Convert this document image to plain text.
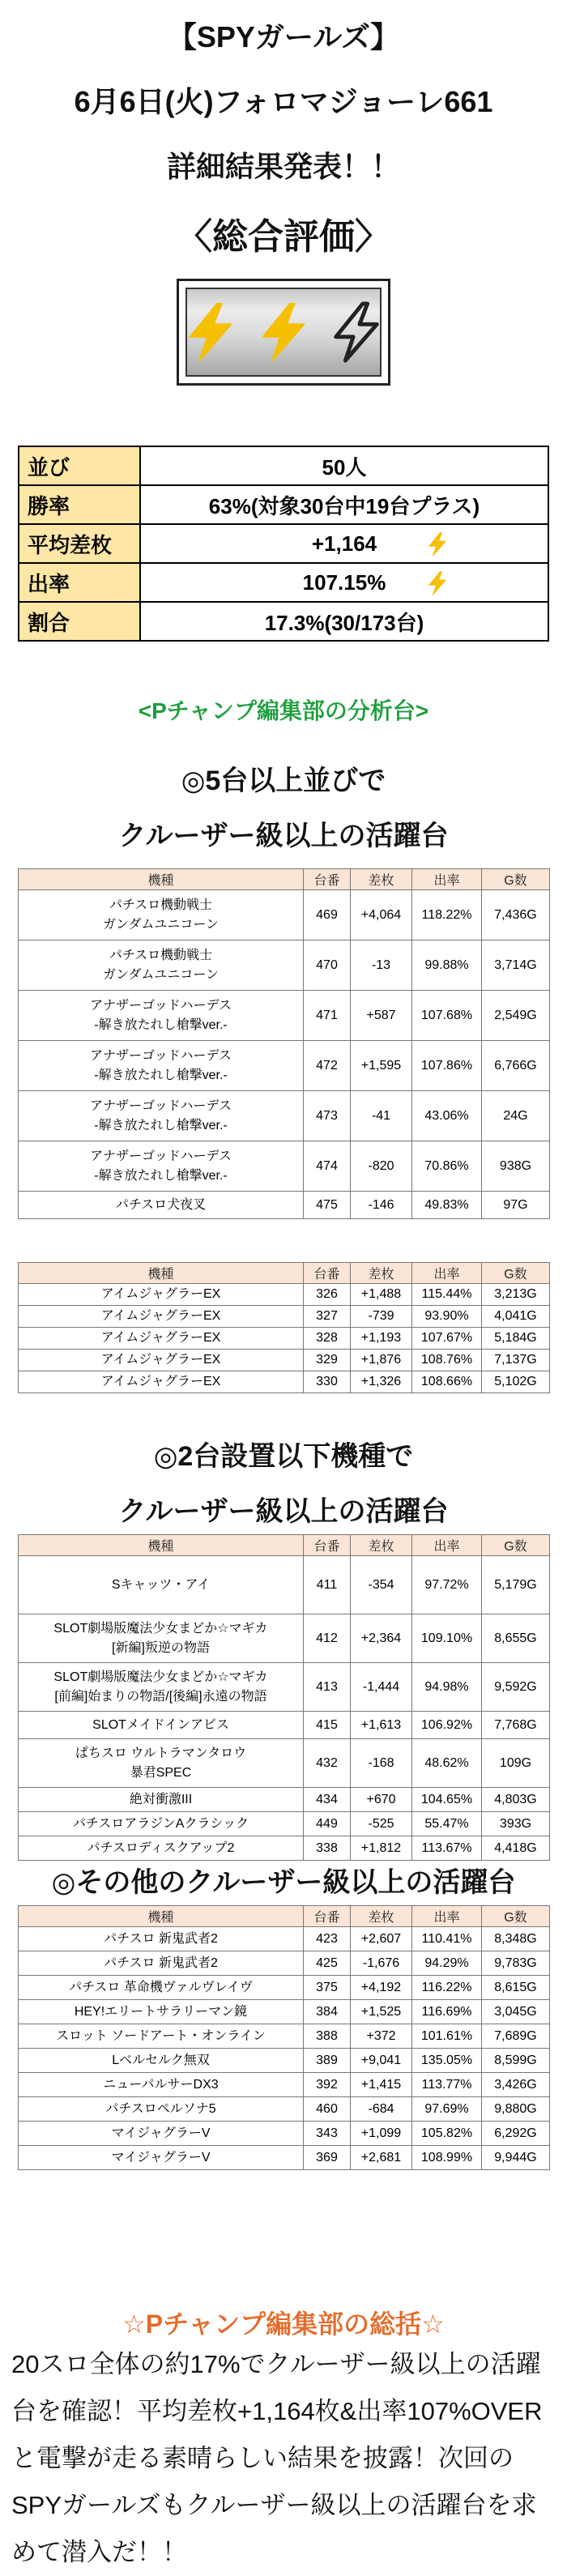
【SPYガールズ】
6月6日(火)フォロマジョーレ661
詳細結果発表！！
〈総合評価〉
並び	50人
勝率	63%(対象30台中19台プラス)
平均差枚	+1,164

出率	107.15%

割合	17.3%(30/173台)
<Pチャンプ編集部の分析台>
◎5台以上並びで
クルーザー級以上の活躍台
機種	台番	差枚	出率	G数

パチスロ機動戦士
ガンダムユニコーン	469	+4,064	118.22%	7,436G

パチスロ機動戦士
ガンダムユニコーン	470	-13	99.88%	3,714G

アナザーゴッドハーデス
-解き放たれし槍撃ver.-	471	+587	107.68%	2,549G

アナザーゴッドハーデス
-解き放たれし槍撃ver.-	472	+1,595	107.86%	6,766G

アナザーゴッドハーデス
-解き放たれし槍撃ver.-	473	-41	43.06%	24G

アナザーゴッドハーデス
-解き放たれし槍撃ver.-	474	-820	70.86%	938G

パチスロ犬夜叉	475	-146	49.83%	97G
機種	台番	差枚	出率	G数

アイムジャグラーEX	326	+1,488	115.44%	3,213G

アイムジャグラーEX	327	-739	93.90%	4,041G

アイムジャグラーEX	328	+1,193	107.67%	5,184G

アイムジャグラーEX	329	+1,876	108.76%	7,137G

アイムジャグラーEX	330	+1,326	108.66%	5,102G
◎2台設置以下機種で
クルーザー級以上の活躍台
機種	台番	差枚	出率	G数

Sキャッツ・アイ	411	-354	97.72%	5,179G

SLOT劇場版魔法少女まどか☆マギカ
[新編]叛逆の物語	412	+2,364	109.10%	8,655G

SLOT劇場版魔法少女まどか☆マギカ
[前編]始まりの物語/[後編]永遠の物語	413	-1,444	94.98%	9,592G

SLOTメイドインアビス	415	+1,613	106.92%	7,768G

ぱちスロ ウルトラマンタロウ
暴君SPEC	432	-168	48.62%	109G

絶対衝激III	434	+670	104.65%	4,803G

パチスロアラジンAクラシック	449	-525	55.47%	393G

パチスロディスクアップ2	338	+1,812	113.67%	4,418G
◎その他のクルーザー級以上の活躍台
機種	台番	差枚	出率	G数

パチスロ 新鬼武者2	423	+2,607	110.41%	8,348G

パチスロ 新鬼武者2	425	-1,676	94.29%	9,783G

パチスロ 革命機ヴァルヴレイヴ	375	+4,192	116.22%	8,615G

HEY!エリートサラリーマン鏡	384	+1,525	116.69%	3,045G

スロット ソードアート・オンライン	388	+372	101.61%	7,689G

Lベルセルク無双	389	+9,041	135.05%	8,599G

ニューパルサーDX3	392	+1,415	113.77%	3,426G

パチスロペルソナ5	460	-684	97.69%	9,880G

マイジャグラーV	343	+1,099	105.82%	6,292G

マイジャグラーV	369	+2,681	108.99%	9,944G
☆Pチャンプ編集部の総括☆
20スロ全体の約17%でクルーザー級以上の活躍台を確認！平均差枚+1,164枚&出率107%OVERと電撃が走る素晴らしい結果を披露！次回のSPYガールズもクルーザー級以上の活躍台を求めて潜入だ！！
